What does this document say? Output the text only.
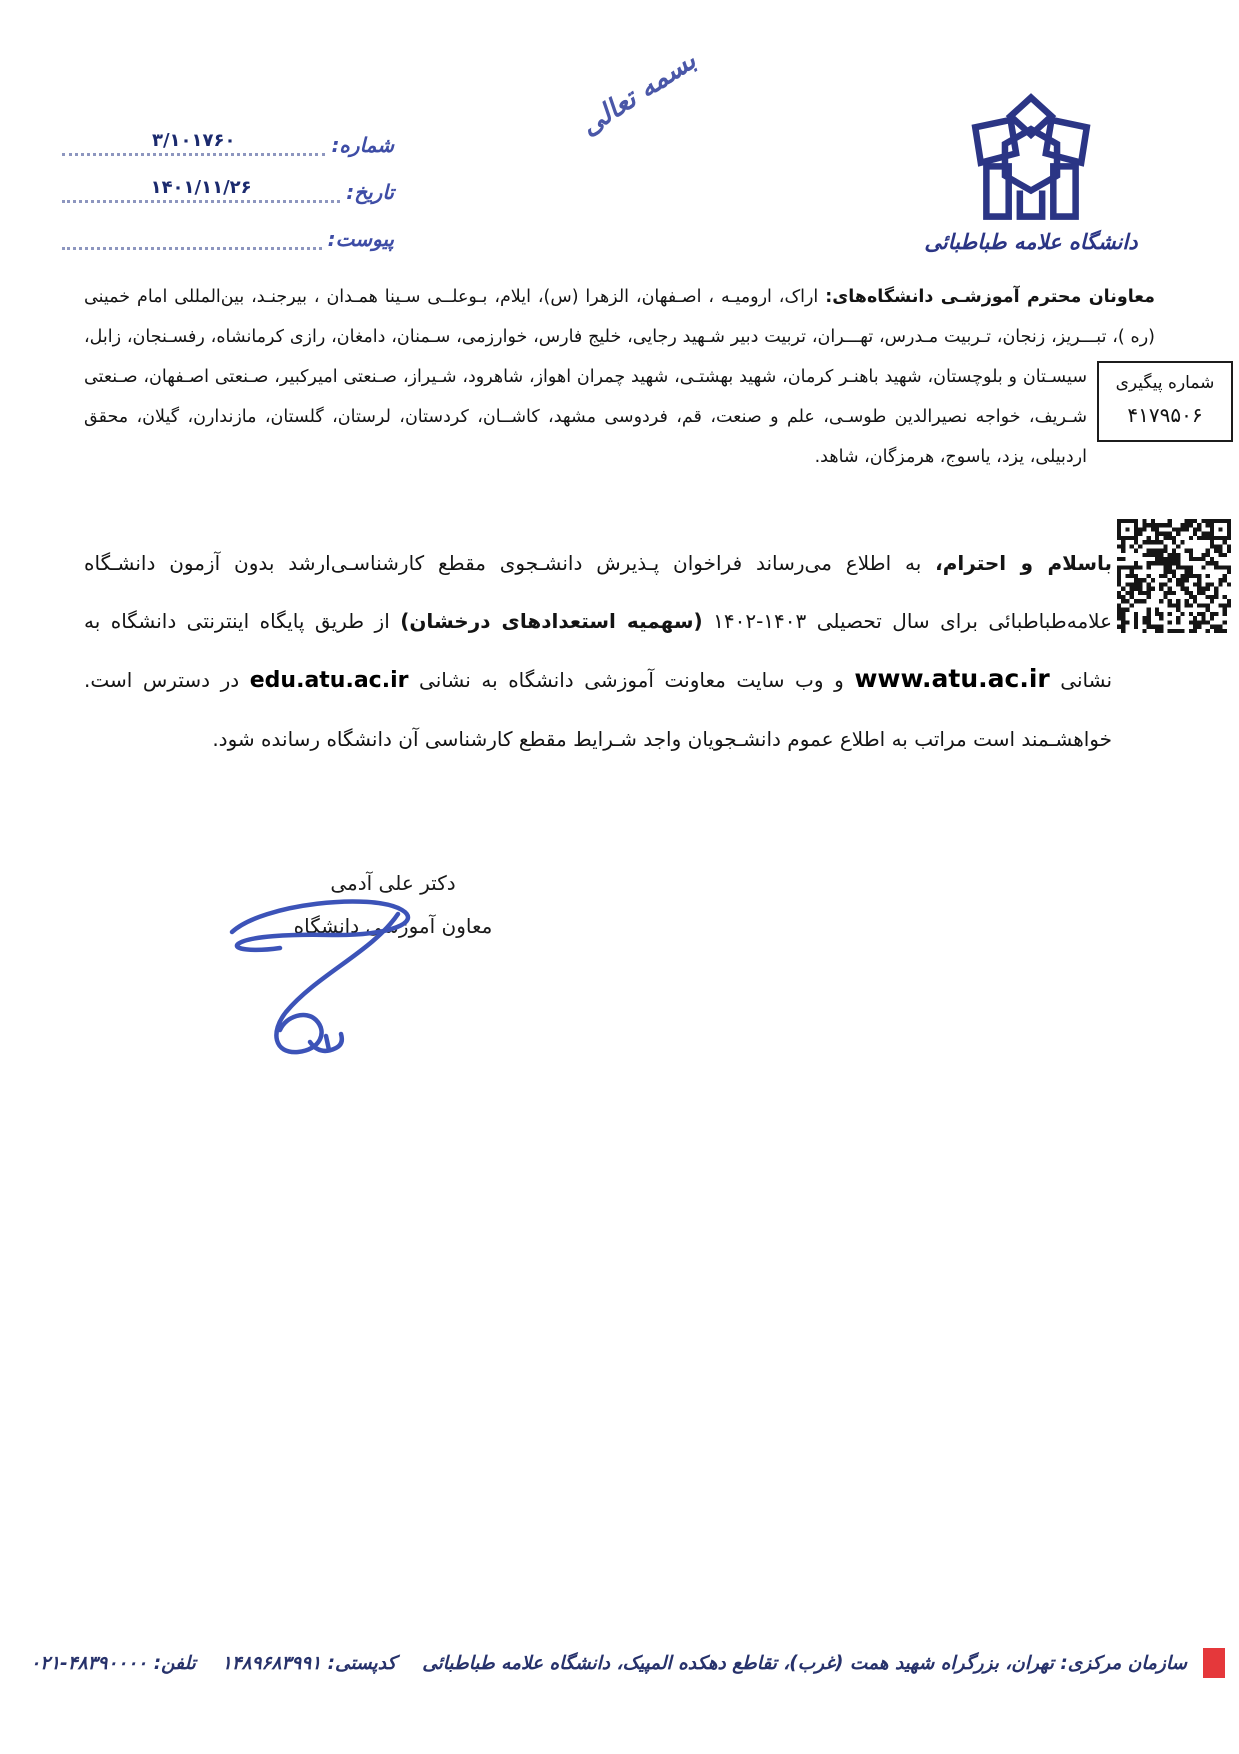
بسمه تعالی
شماره:
۳/۱۰۱۷۶۰
تاریخ:
۱۴۰۱/۱۱/۲۶
پیوست:	دانشگاه علامه طباطبائی
معاونان محترم آموزشـی دانشگاه‌های: اراک، ارومیـه ، اصـفهان، الزهرا (س)، ایلام، بـوعلــی سـینا همـدان ، بیرجنـد، بین‌المللی امام خمینی (ره )، تبـــریز، زنجان، تـربیت مـدرس، تهـــران، تربیت دبیر شـهید رجایی، خلیج فارس، خوارزمی، سـمنان، دامغان، رازی کرمانشاه، رفسـنجان، زابل، سیسـتان و بلوچستان، شهید باهنـر کرمان، شهید بهشتـی، شهید چمران	شماره پیگیری
۴۱۷۹۵۰۶
اهواز، شاهرود، شـیراز، صـنعتی امیرکبیر، صـنعتی اصـفهان، صـنعتی شـریف، خواجه نصیرالدین طوسـی، علم و صنعت، قم، فردوسی مشهد، کاشــان، کردستان، لرستان، گلستان، مازندارن، گیلان، محقق اردبیلی، یزد، یاسوج، هرمزگان، شاهد.
باسلام و احترام، به اطلاع می‌رساند فراخوان پـذیرش دانشـجوی مقطع کارشناسـی‌ارشد بدون آزمون دانشـگاه علامه‌طباطبائی برای سال تحصیلی ۱۴۰۲-۱۴۰۳ (سهمیه استعدادهای درخشان) از طریق پایگاه اینترنتی دانشگاه به نشانی www.atu.ac.ir و وب سایت معاونت آموزشی دانشگاه به نشانی edu.atu.ac.ir در دسترس است. خواهشـمند است مراتب به اطلاع عموم دانشـجویان واجد شـرایط مقطع کارشناسی آن دانشگاه رسانده شود.
دکتر علی آدمی
معاون آموزشی دانشگاه
سازمان مرکزی: تهران، بزرگراه شهید همت (غرب)، تقاطع دهکده المپیک، دانشگاه علامه طباطبائی
کدپستی: ۱۴۸۹۶۸۳۹۹۱
تلفن: ۰۲۱-۴۸۳۹۰۰۰۰
